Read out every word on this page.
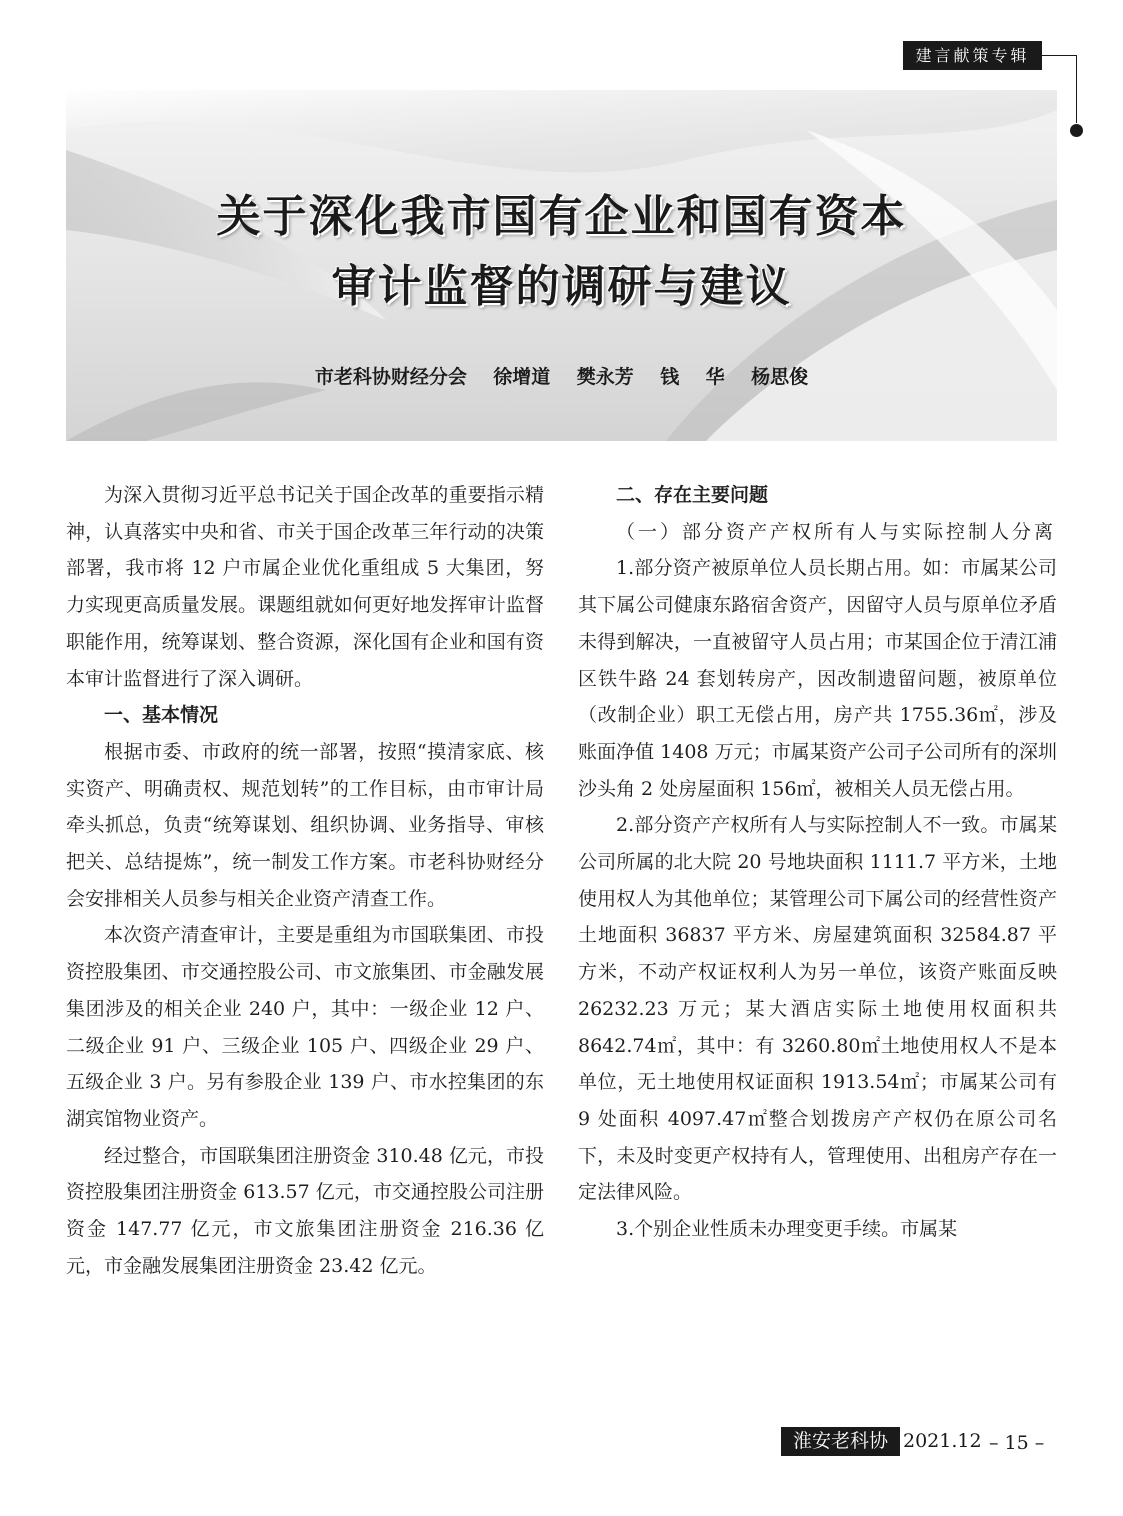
建言献策专辑
关于深化我市国有企业和国有资本
审计监督的调研与建议
市老科协财经分会    徐增道    樊永芳    钱    华    杨思俊

为深入贯彻习近平总书记关于国企改革的重要指示精神，认真落实中央和省、市关于国企改革三年行动的决策部署，我市将 12 户市属企业优化重组成 5 大集团，努力实现更高质量发展。课题组就如何更好地发挥审计监督职能作用，统筹谋划、整合资源，深化国有企业和国有资本审计监督进行了深入调研。

一、基本情况

根据市委、市政府的统一部署，按照“摸清家底、核实资产、明确责权、规范划转”的工作目标，由市审计局牵头抓总，负责“统筹谋划、组织协调、业务指导、审核把关、总结提炼”，统一制发工作方案。市老科协财经分会安排相关人员参与相关企业资产清查工作。

本次资产清查审计，主要是重组为市国联集团、市投资控股集团、市交通控股公司、市文旅集团、市金融发展集团涉及的相关企业 240 户，其中：一级企业 12 户、二级企业 91 户、三级企业 105 户、四级企业 29 户、五级企业 3 户。另有参股企业 139 户、市水控集团的东湖宾馆物业资产。

经过整合，市国联集团注册资金 310.48 亿元，市投资控股集团注册资金 613.57 亿元，市交通控股公司注册资金 147.77 亿元，市文旅集团注册资金 216.36 亿元，市金融发展集团注册资金 23.42 亿元。

二、存在主要问题

（一）部分资产产权所有人与实际控制人分离

1.部分资产被原单位人员长期占用。如：市属某公司其下属公司健康东路宿舍资产，因留守人员与原单位矛盾未得到解决，一直被留守人员占用；市某国企位于清江浦区铁牛路 24 套划转房产，因改制遗留问题，被原单位（改制企业）职工无偿占用，房产共 1755.36㎡，涉及账面净值 1408 万元；市属某资产公司子公司所有的深圳沙头角 2 处房屋面积 156㎡，被相关人员无偿占用。

2.部分资产产权所有人与实际控制人不一致。市属某公司所属的北大院 20 号地块面积 1111.7 平方米，土地使用权人为其他单位；某管理公司下属公司的经营性资产土地面积 36837 平方米、房屋建筑面积 32584.87 平方米，不动产权证权利人为另一单位，该资产账面反映 26232.23 万元；某大酒店实际土地使用权面积共 8642.74㎡，其中：有 3260.80㎡土地使用权人不是本单位，无土地使用权证面积 1913.54㎡；市属某公司有 9 处面积 4097.47㎡整合划拨房产产权仍在原公司名下，未及时变更产权持有人，管理使用、出租房产存在一定法律风险。

3.个别企业性质未办理变更手续。市属某

淮安老科协 2021.12 – 15 –
